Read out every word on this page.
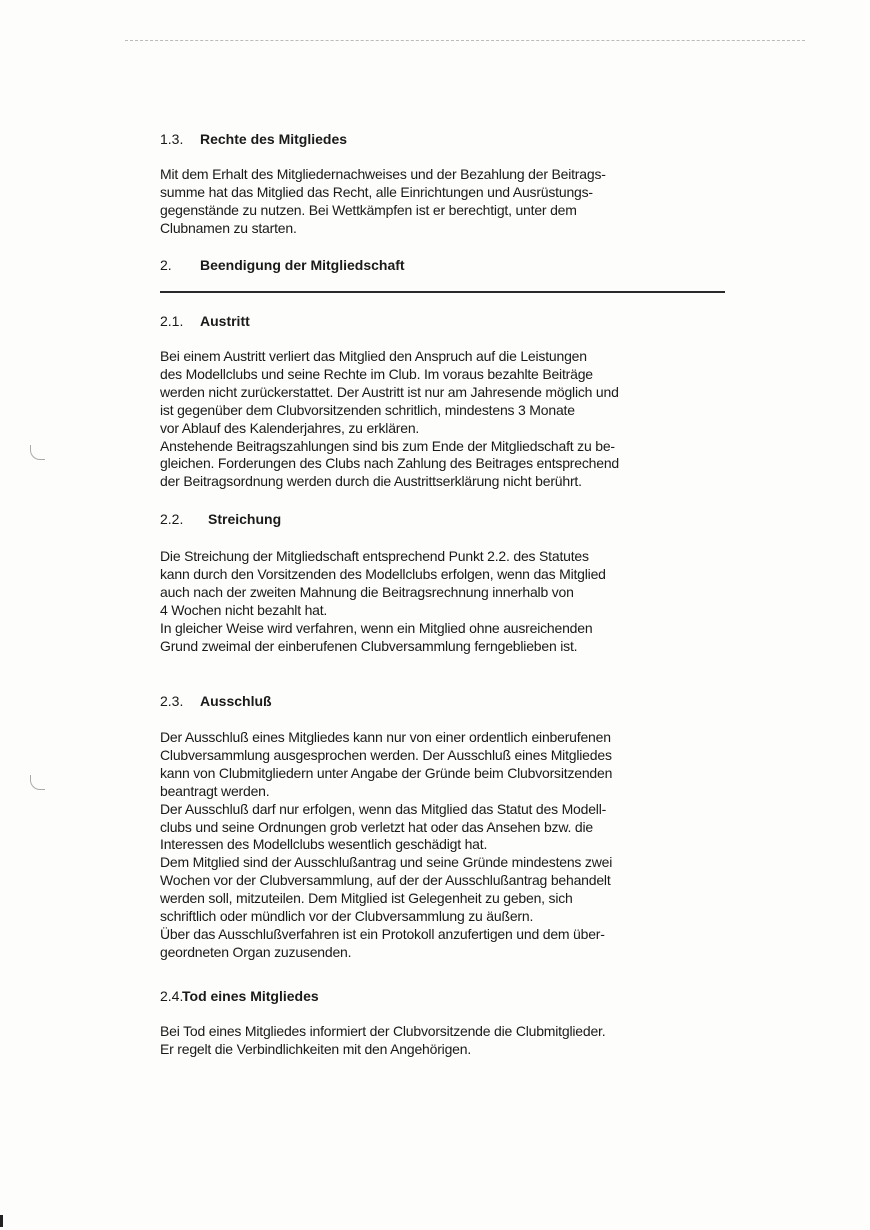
1.3. Rechte des Mitgliedes
Mit dem Erhalt des Mitgliedernachweises und der Bezahlung der Beitrags-
summe hat das Mitglied das Recht, alle Einrichtungen und Ausrüstungs-
gegenstände zu nutzen. Bei Wettkämpfen ist er berechtigt, unter dem
Clubnamen zu starten.
2. Beendigung der Mitgliedschaft
2.1. Austritt
Bei einem Austritt verliert das Mitglied den Anspruch auf die Leistungen
des Modellclubs und seine Rechte im Club. Im voraus bezahlte Beiträge
werden nicht zurückerstattet. Der Austritt ist nur am Jahresende möglich und
ist gegenüber dem Clubvorsitzenden schritlich, mindestens 3 Monate
vor Ablauf des Kalenderjahres, zu erklären.
Anstehende Beitragszahlungen sind bis zum Ende der Mitgliedschaft zu be-
gleichen. Forderungen des Clubs nach Zahlung des Beitrages entsprechend
der Beitragsordnung werden durch die Austrittserklärung nicht berührt.
2.2. Streichung
Die Streichung der Mitgliedschaft entsprechend Punkt 2.2. des Statutes
kann durch den Vorsitzenden des Modellclubs erfolgen, wenn das Mitglied
auch nach der zweiten Mahnung die Beitragsrechnung innerhalb von
4 Wochen nicht bezahlt hat.
In gleicher Weise wird verfahren, wenn ein Mitglied ohne ausreichenden
Grund zweimal der einberufenen Clubversammlung ferngeblieben ist.
2.3. Ausschluß
Der Ausschluß eines Mitgliedes kann nur von einer ordentlich einberufenen
Clubversammlung ausgesprochen werden. Der Ausschluß eines Mitgliedes
kann von Clubmitgliedern unter Angabe der Gründe beim Clubvorsitzenden
beantragt werden.
Der Ausschluß darf nur erfolgen, wenn das Mitglied das Statut des Modell-
clubs und seine Ordnungen grob verletzt hat oder das Ansehen bzw. die
Interessen des Modellclubs wesentlich geschädigt hat.
Dem Mitglied sind der Ausschlußantrag und seine Gründe mindestens zwei
Wochen vor der Clubversammlung, auf der der Ausschlußantrag behandelt
werden soll, mitzuteilen. Dem Mitglied ist Gelegenheit zu geben, sich
schriftlich oder mündlich vor der Clubversammlung zu äußern.
Über das Ausschlußverfahren ist ein Protokoll anzufertigen und dem über-
geordneten Organ zuzusenden.
2.4.Tod eines Mitgliedes
Bei Tod eines Mitgliedes informiert der Clubvorsitzende die Clubmitglieder.
Er regelt die Verbindlichkeiten mit den Angehörigen.
